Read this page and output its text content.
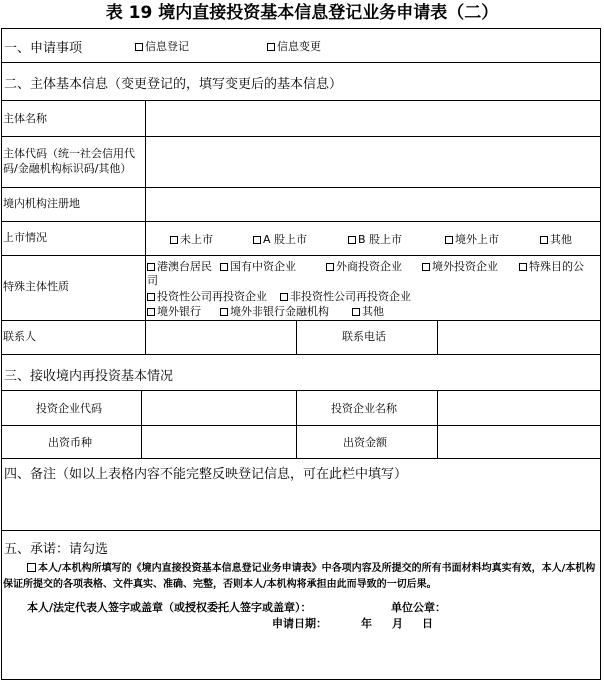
表 19 境内直接投资基本信息登记业务申请表（二）
一、申请事项	信息登记	信息变更
二、主体基本信息（变更登记的，填写变更后的基本信息）
主体名称
主体代码（统一社会信用代
码/金融机构标识码/其他）
境内机构注册地
上市情况	未上市	A 股上市	B 股上市	境外上市	其他
特殊主体性质
港澳台居民	国有中资企业	外商投资企业	境外投资企业	特殊目的公
司
投资性公司再投资企业	非投资性公司再投资企业
境外银行	境外非银行金融机构	其他
联系人	联系电话
三、接收境内再投资基本情况
投资企业代码	投资企业名称
出资币种	出资金额
四、备注（如以上表格内容不能完整反映登记信息，可在此栏中填写）
五、承诺：请勾选
本人/本机构所填写的《境内直接投资基本信息登记业务申请表》中各项内容及所提交的所有书面材料均真实有效，本人/本机构保证所提交的各项表格、文件真实、准确、完整，否则本人/本机构将承担由此而导致的一切后果。
本人/法定代表人签字或盖章（或授权委托人签字或盖章）：	单位公章：
申请日期：	年 月 日
